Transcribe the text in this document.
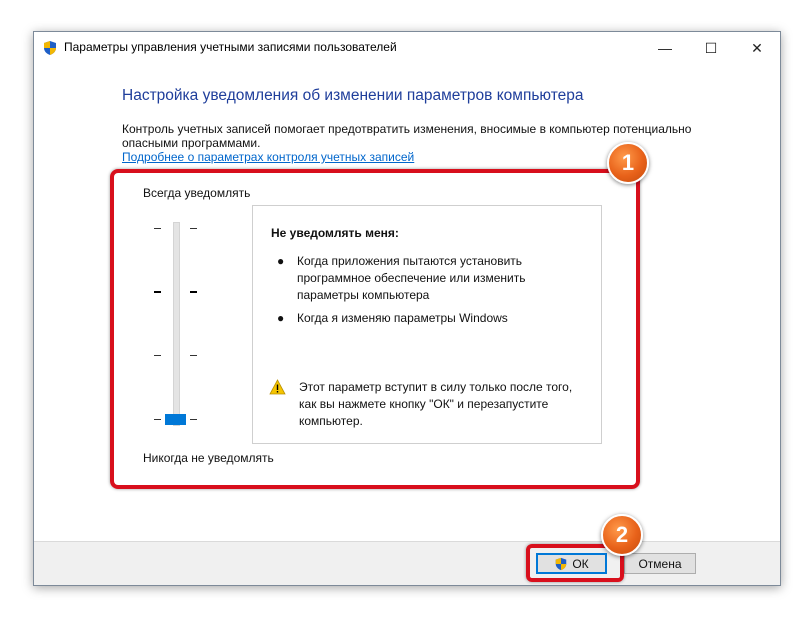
Параметры управления учетными записями пользователей	—	☐	✕
Настройка уведомления об изменении параметров компьютера
Контроль учетных записей помогает предотвратить изменения, вносимые в компьютер потенциально опасными программами.
Подробнее о параметрах контроля учетных записей
Всегда уведомлять
Никогда не уведомлять
Не уведомлять меня:
● Когда приложения пытаются установить программное обеспечение или изменить параметры компьютера
● Когда я изменяю параметры Windows
Этот параметр вступит в силу только после того, как вы нажмете кнопку "ОК" и перезапустите компьютер.
ОК	Отмена
1
2
